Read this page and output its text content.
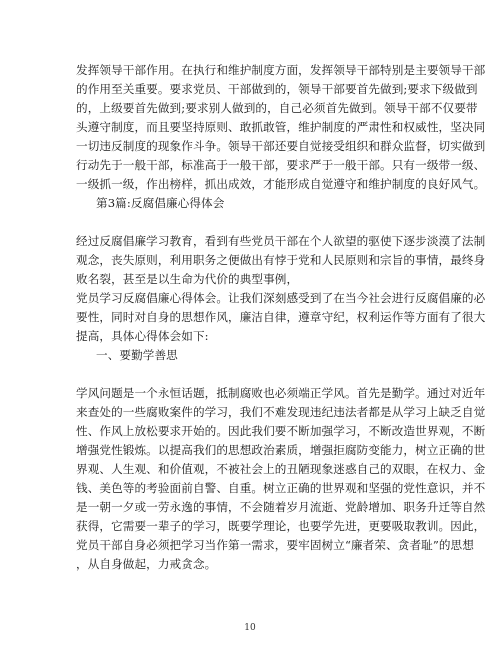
发挥领导干部作用。在执行和维护制度方面，发挥领导干部特别是主要领导干部
的作用至关重要。要求党员、干部做到的，领导干部要首先做到;要求下级做到
的，上级要首先做到;要求别人做到的，自己必须首先做到。领导干部不仅要带
头遵守制度，而且要坚持原则、敢抓敢管，维护制度的严肃性和权威性，坚决同
一切违反制度的现象作斗争。领导干部还要自觉接受组织和群众监督，切实做到
行动先于一般干部，标准高于一般干部，要求严于一般干部。只有一级带一级、
一级抓一级，作出榜样，抓出成效，才能形成自觉遵守和维护制度的良好风气。
第3篇:反腐倡廉心得体会
经过反腐倡廉学习教育，看到有些党员干部在个人欲望的驱使下逐步淡漠了法制
观念，丧失原则，利用职务之便做出有悖于党和人民原则和宗旨的事情，最终身
败名裂，甚至是以生命为代价的典型事例，
党员学习反腐倡廉心得体会。让我们深刻感受到了在当今社会进行反腐倡廉的必
要性，同时对自身的思想作风，廉洁自律，遵章守纪，权利运作等方面有了很大
提高，具体心得体会如下:
一、要勤学善思
学风问题是一个永恒话题，抵制腐败也必须端正学风。首先是勤学。通过对近年
来查处的一些腐败案件的学习，我们不难发现违纪违法者都是从学习上缺乏自觉
性、作风上放松要求开始的。因此我们要不断加强学习，不断改造世界观，不断
增强党性锻炼。以提高我们的思想政治素质，增强拒腐防变能力，树立正确的世
界观、人生观、和价值观，不被社会上的丑陋现象迷惑自己的双眼，在权力、金
钱、美色等的考验面前自警、自重。树立正确的世界观和坚强的党性意识，并不
是一朝一夕或一劳永逸的事情，不会随着岁月流逝、党龄增加、职务升迁等自然
获得，它需要一辈子的学习，既要学理论，也要学先进，更要吸取教训。因此，
党员干部自身必须把学习当作第一需求，要牢固树立“廉者荣、贪者耻”的思想
，从自身做起，力戒贪念。
10
